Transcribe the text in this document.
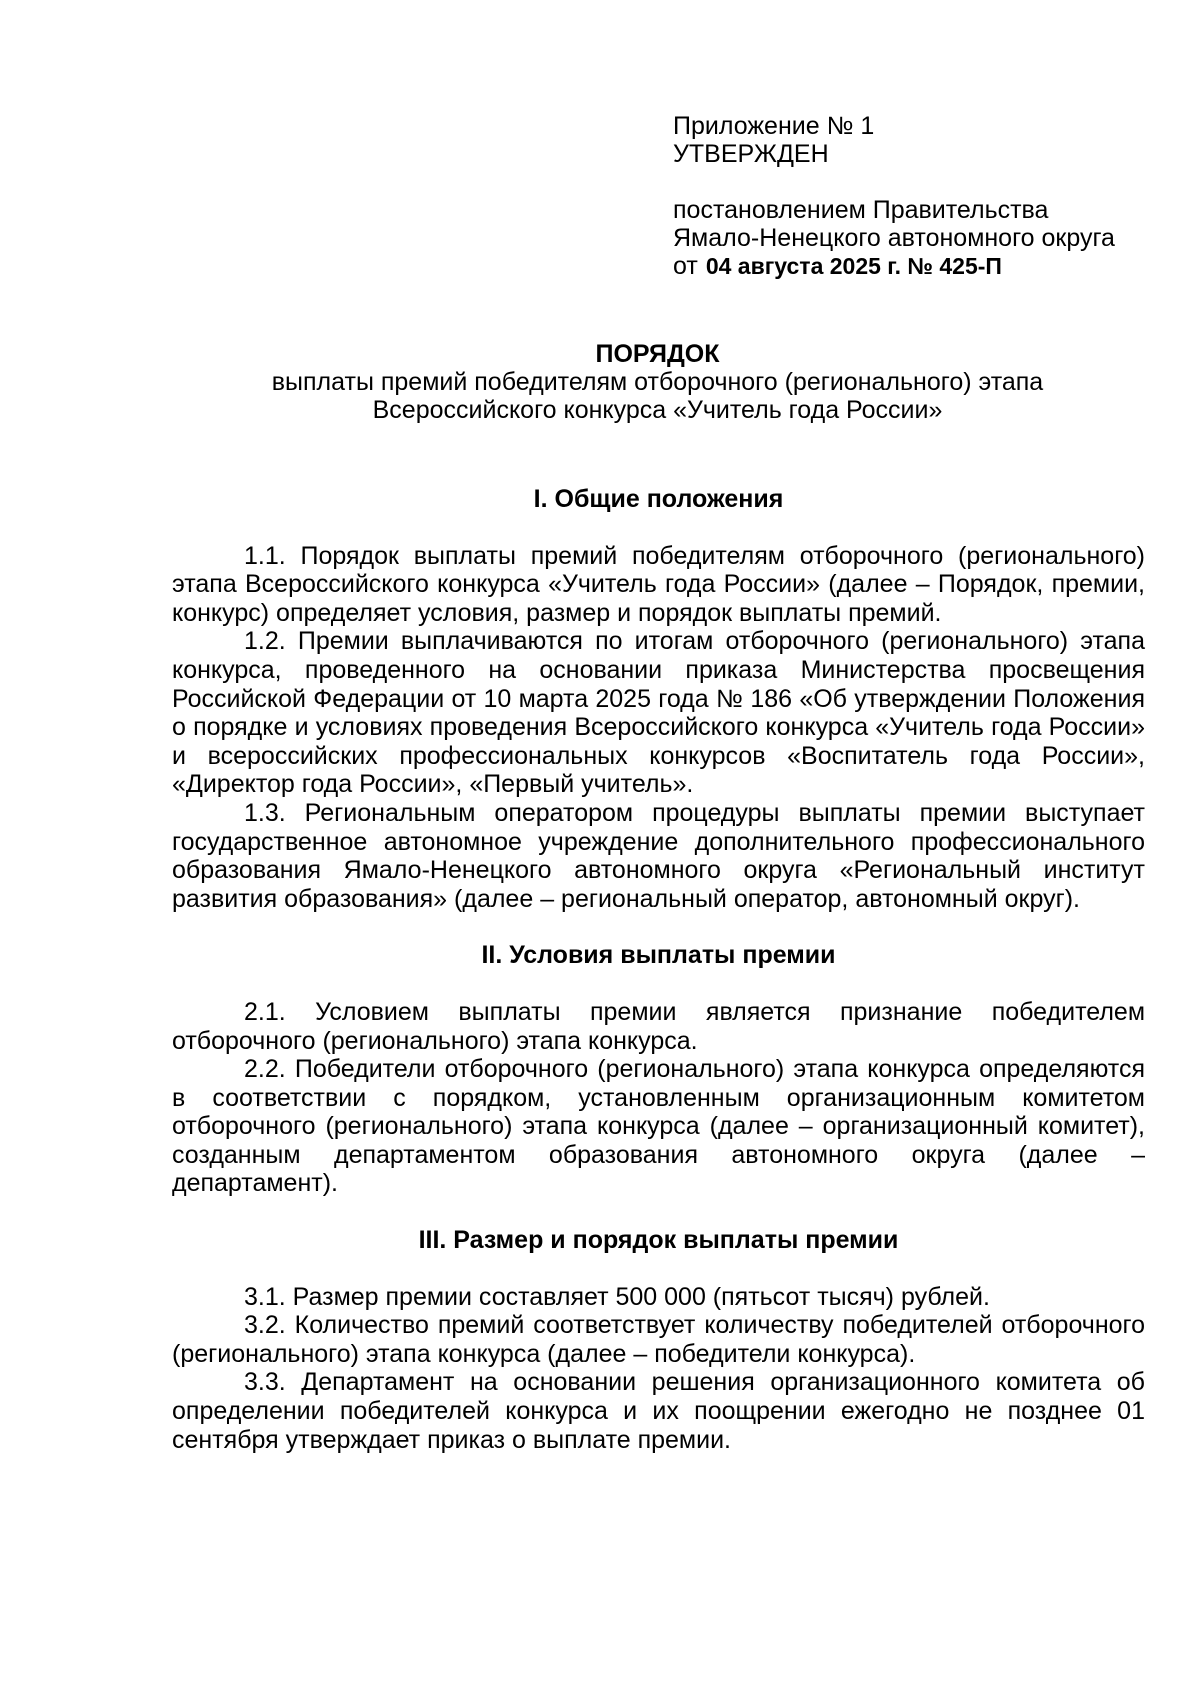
Приложение № 1
УТВЕРЖДЕН
постановлением Правительства
Ямало-Ненецкого автономного округа
от 04 августа 2025 г. № 425-П
ПОРЯДОК
выплаты премий победителям отборочного (регионального) этапа
Всероссийского конкурса «Учитель года России»

I. Общие положения

1.1. Порядок выплаты премий победителям отборочного (регионального) этапа Всероссийского конкурса «Учитель года России» (далее – Порядок, премии, конкурс) определяет условия, размер и порядок выплаты премий.

1.2. Премии выплачиваются по итогам отборочного (регионального) этапа конкурса, проведенного на основании приказа Министерства просвещения Российской Федерации от 10 марта 2025 года № 186 «Об утверждении Положения о порядке и условиях проведения Всероссийского конкурса «Учитель года России» и всероссийских профессиональных конкурсов «Воспитатель года России», «Директор года России», «Первый учитель».

1.3. Региональным оператором процедуры выплаты премии выступает государственное автономное учреждение дополнительного профессионального образования Ямало-Ненецкого автономного округа «Региональный институт развития образования» (далее – региональный оператор, автономный округ).

II. Условия выплаты премии

2.1. Условием выплаты премии является признание победителем отборочного (регионального) этапа конкурса.

2.2. Победители отборочного (регионального) этапа конкурса определяются в соответствии с порядком, установленным организационным комитетом отборочного (регионального) этапа конкурса (далее – организационный комитет), созданным департаментом образования автономного округа (далее – департамент).

III. Размер и порядок выплаты премии

3.1. Размер премии составляет 500 000 (пятьсот тысяч) рублей.

3.2. Количество премий соответствует количеству победителей отборочного (регионального) этапа конкурса (далее – победители конкурса).

3.3. Департамент на основании решения организационного комитета об определении победителей конкурса и их поощрении ежегодно не позднее 01 сентября утверждает приказ о выплате премии.
